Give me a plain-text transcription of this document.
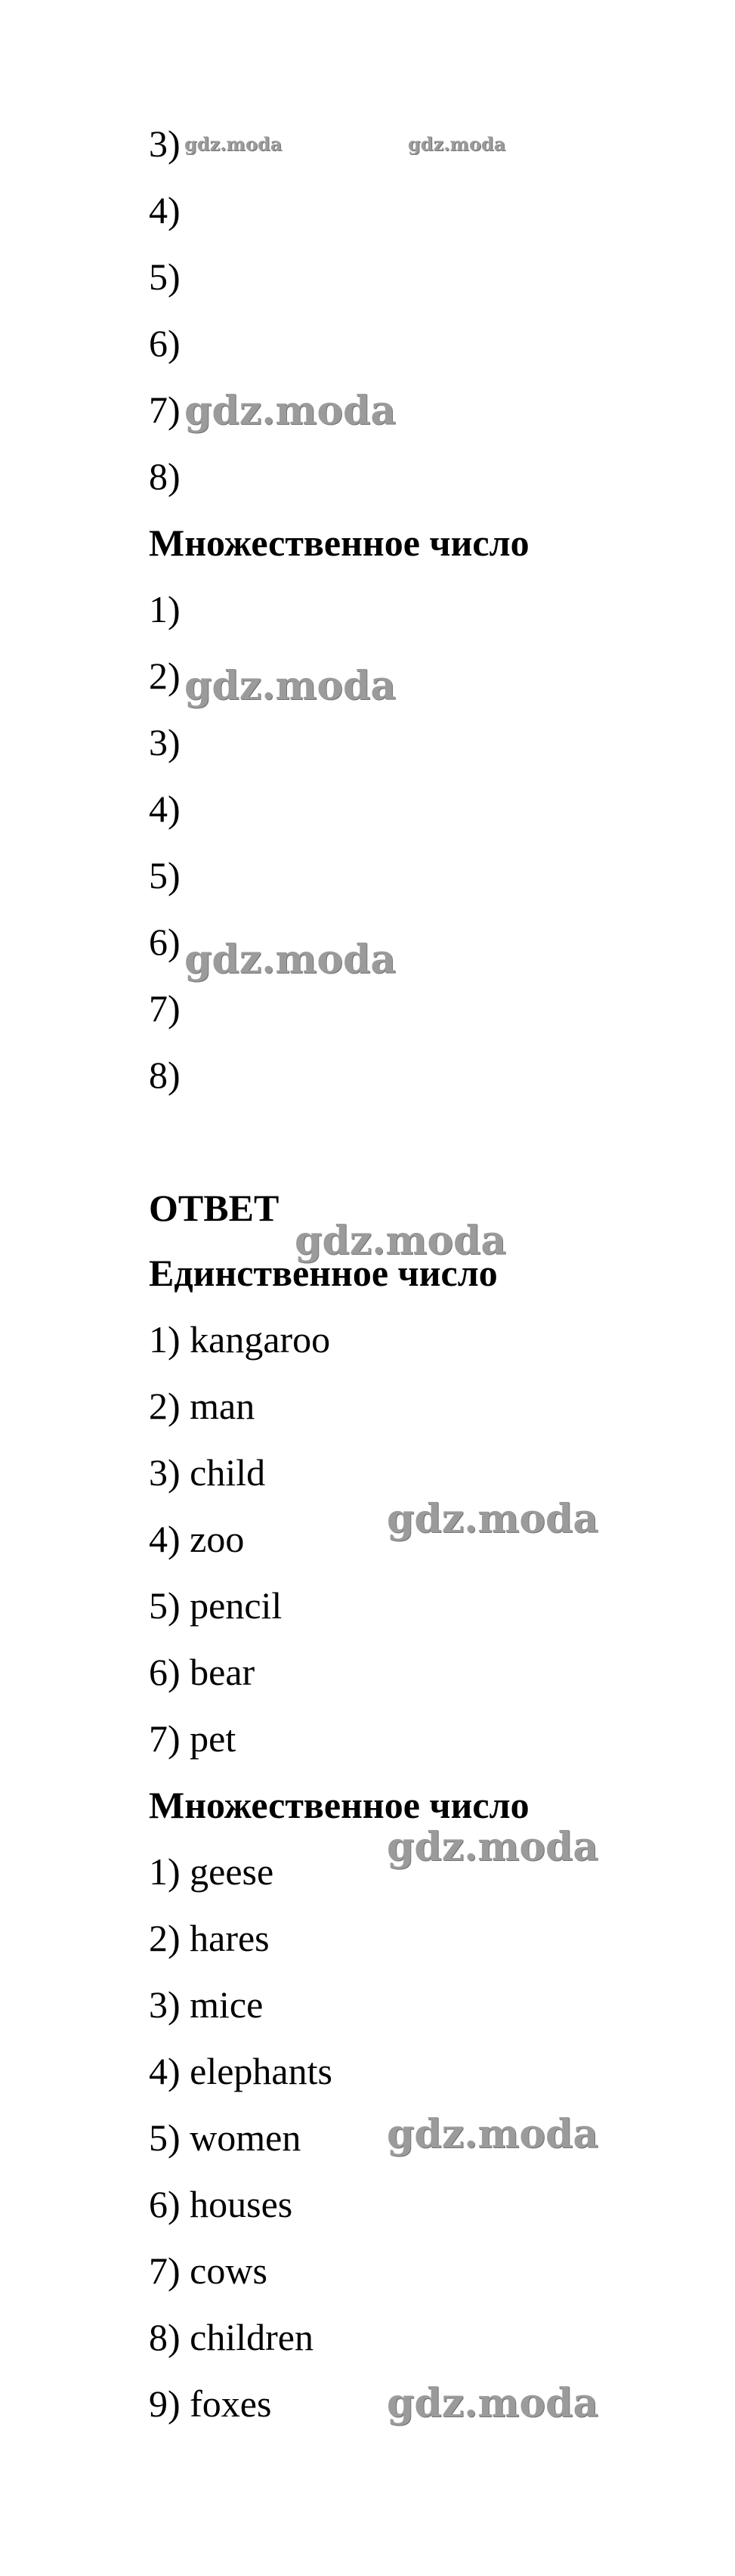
3)
4)
5)
6)
7)
8)
Множественное число
1)
2)
3)
4)
5)
6)
7)
8)
ОТВЕТ
Единственное число
1) kangaroo
2) man
3) child
4) zoo
5) pencil
6) bear
7) pet
Множественное число
1) geese
2) hares
3) mice
4) elephants
5) women
6) houses
7) cows
8) children
9) foxes
gdz.moda	gdz.moda
gdz.moda
gdz.moda
gdz.moda
gdz.moda
gdz.moda
gdz.moda
gdz.moda
gdz.moda
